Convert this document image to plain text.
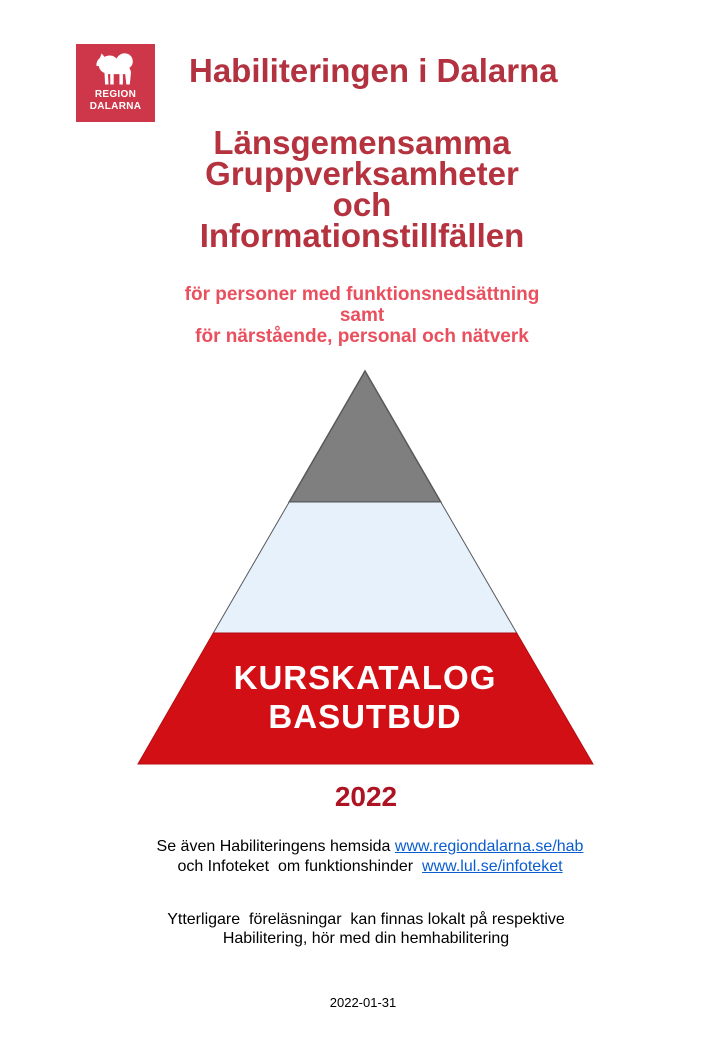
REGION
DALARNA
Habiliteringen i Dalarna
Länsgemensamma
Gruppverksamheter
och
Informationstillfällen
för personer med funktionsnedsättning
samt
för närstående, personal och nätverk
KURSKATALOG
BASUTBUD
2022

Se även Habiliteringens hemsida www.regiondalarna.se/hab

och Infoteket  om funktionshinder  www.lul.se/infoteket

Ytterligare  föreläsningar  kan finnas lokalt på respektive

Habilitering, hör med din hemhabilitering

2022-01-31
